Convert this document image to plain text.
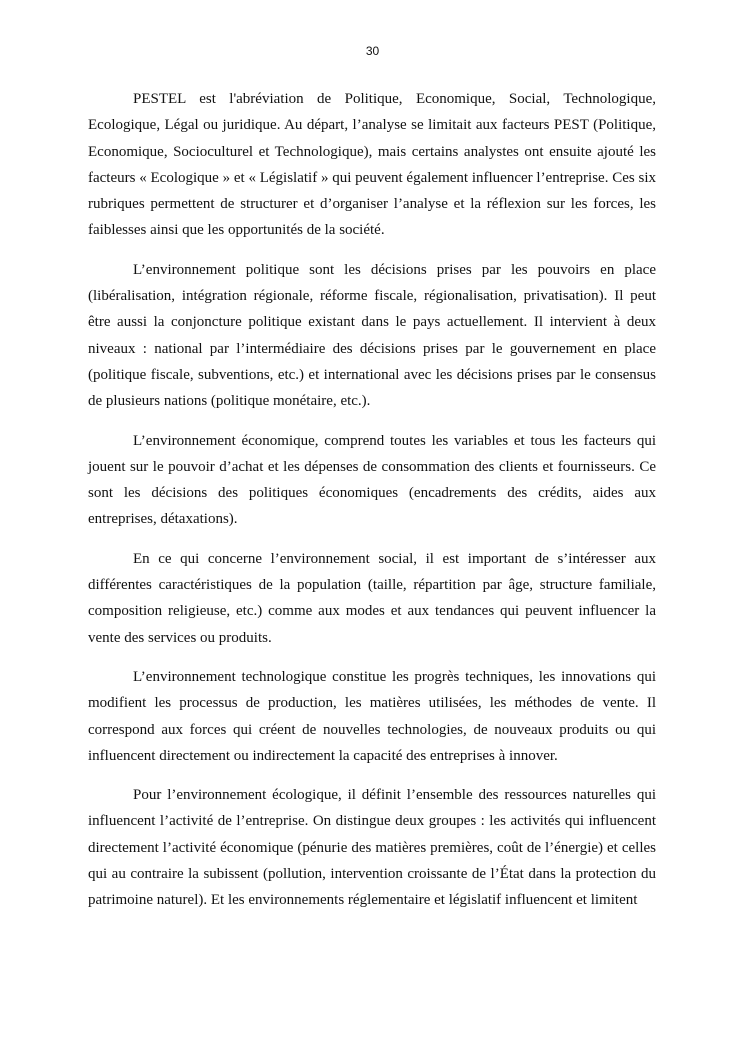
30

PESTEL est l'abréviation de Politique, Economique, Social, Technologique, Ecologique, Légal ou juridique. Au départ, l’analyse se limitait aux facteurs PEST (Politique, Economique, Socioculturel et Technologique), mais certains analystes ont ensuite ajouté les facteurs « Ecologique » et « Législatif » qui peuvent également influencer l’entreprise. Ces six rubriques permettent de structurer et d’organiser l’analyse et la réflexion sur les forces, les faiblesses ainsi que les opportunités de la société.

L’environnement politique sont les décisions prises par les pouvoirs en place (libéralisation, intégration régionale, réforme fiscale, régionalisation, privatisation). Il peut être aussi la conjoncture politique existant dans le pays actuellement. Il intervient à deux niveaux : national par l’intermédiaire des décisions prises par le gouvernement en place (politique fiscale, subventions, etc.) et international avec les décisions prises par le consensus de plusieurs nations (politique monétaire, etc.).

L’environnement économique, comprend toutes les variables et tous les facteurs qui jouent sur le pouvoir d’achat et les dépenses de consommation des clients et fournisseurs. Ce sont les décisions des politiques économiques (encadrements des crédits, aides aux entreprises, détaxations).

En ce qui concerne l’environnement social, il est important de s’intéresser aux différentes caractéristiques de la population (taille, répartition par âge, structure familiale, composition religieuse, etc.) comme aux modes et aux tendances qui peuvent influencer la vente des services ou produits.

L’environnement technologique constitue les progrès techniques, les innovations qui modifient les processus de production, les matières utilisées, les méthodes de vente. Il correspond aux forces qui créent de nouvelles technologies, de nouveaux produits ou qui influencent directement ou indirectement la capacité des entreprises à innover.

Pour l’environnement écologique, il définit l’ensemble des ressources naturelles qui influencent l’activité de l’entreprise. On distingue deux groupes : les activités qui influencent directement l’activité économique (pénurie des matières premières, coût de l’énergie) et celles qui au contraire la subissent (pollution, intervention croissante de l’État dans la protection du patrimoine naturel). Et les environnements réglementaire et législatif influencent et limitent
